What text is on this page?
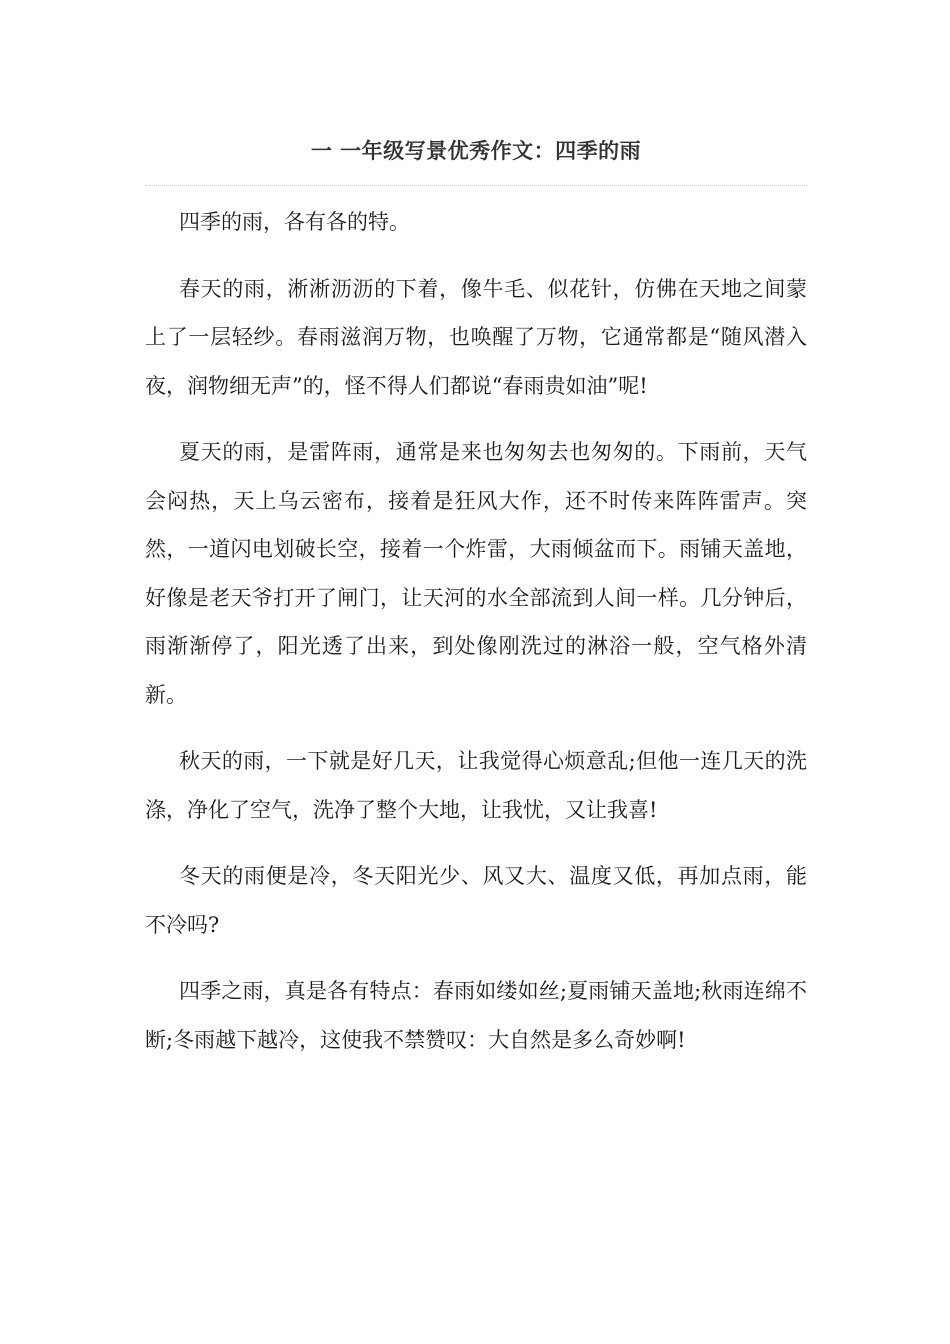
一 一年级写景优秀作文：四季的雨

四季的雨，各有各的特。

春天的雨，淅淅沥沥的下着，像牛毛、似花针，仿佛在天地之间蒙上了一层轻纱。春雨滋润万物，也唤醒了万物，它通常都是“随风潜入夜，润物细无声”的，怪不得人们都说“春雨贵如油”呢!

夏天的雨，是雷阵雨，通常是来也匆匆去也匆匆的。下雨前，天气会闷热，天上乌云密布，接着是狂风大作，还不时传来阵阵雷声。突然，一道闪电划破长空，接着一个炸雷，大雨倾盆而下。雨铺天盖地，好像是老天爷打开了闸门，让天河的水全部流到人间一样。几分钟后，雨渐渐停了，阳光透了出来，到处像刚洗过的淋浴一般，空气格外清新。

秋天的雨，一下就是好几天，让我觉得心烦意乱;但他一连几天的洗涤，净化了空气，洗净了整个大地，让我忧，又让我喜!

冬天的雨便是冷，冬天阳光少、风又大、温度又低，再加点雨，能不冷吗?

四季之雨，真是各有特点：春雨如缕如丝;夏雨铺天盖地;秋雨连绵不断;冬雨越下越冷，这使我不禁赞叹：大自然是多么奇妙啊!
